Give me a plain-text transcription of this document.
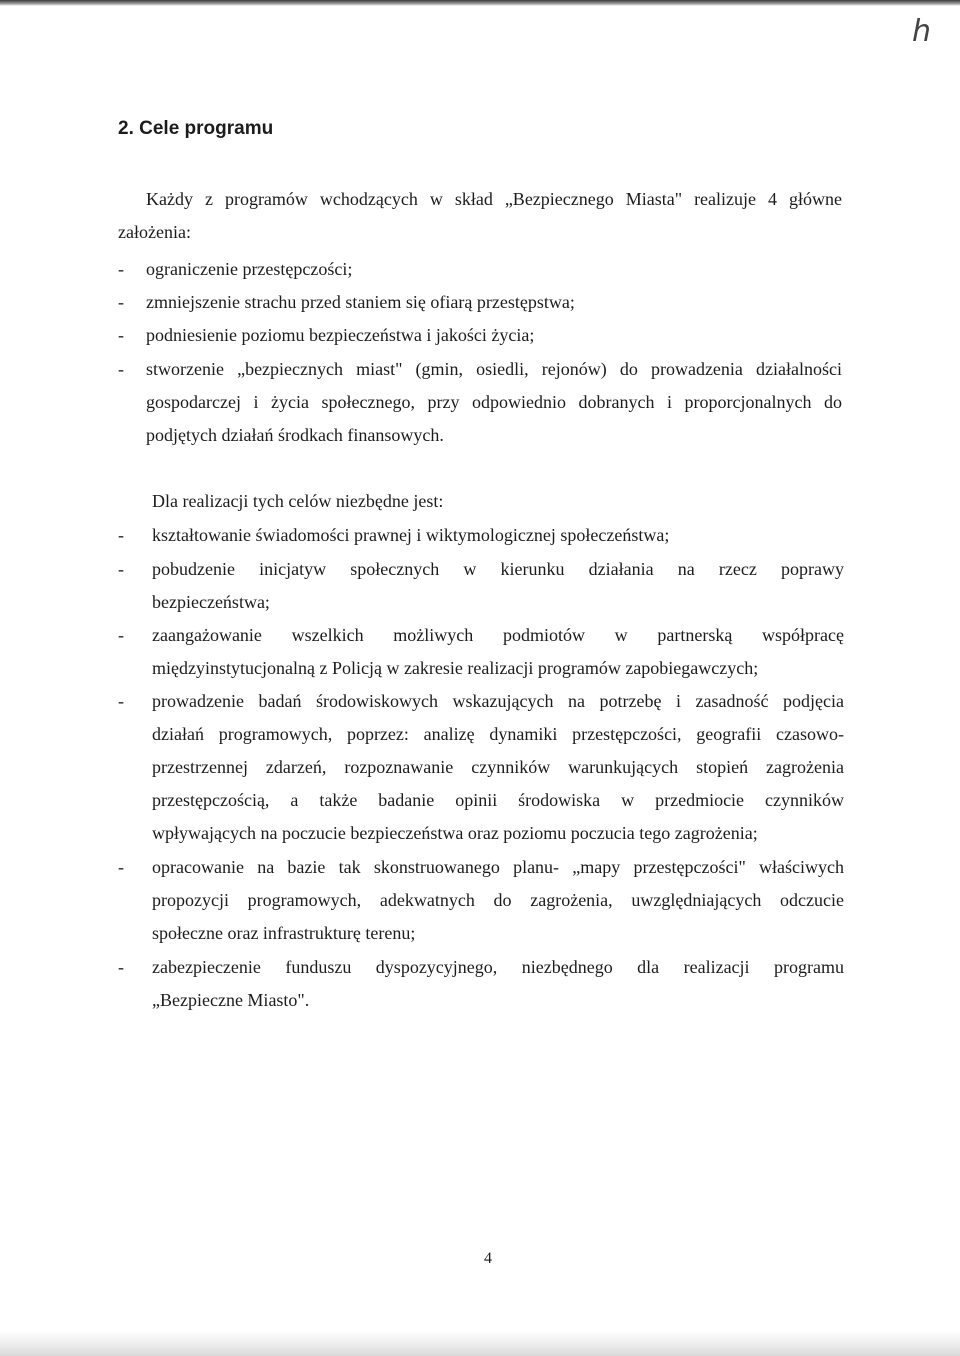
h
2. Cele programu
Każdy z programów wchodzących w skład „Bezpiecznego Miasta" realizuje 4 główne
założenia:
- ograniczenie przestępczości;
- zmniejszenie strachu przed staniem się ofiarą przestępstwa;
- podniesienie poziomu bezpieczeństwa i jakości życia;
- stworzenie „bezpiecznych miast" (gmin, osiedli, rejonów) do prowadzenia działalności
gospodarczej i życia społecznego, przy odpowiednio dobranych i proporcjonalnych do
podjętych działań środkach finansowych.
Dla realizacji tych celów niezbędne jest:
- kształtowanie świadomości prawnej i wiktymologicznej społeczeństwa;
- pobudzenie inicjatyw społecznych w kierunku działania na rzecz poprawy
bezpieczeństwa;
- zaangażowanie wszelkich możliwych podmiotów w partnerską współpracę
międzyinstytucjonalną z Policją w zakresie realizacji programów zapobiegawczych;
- prowadzenie badań środowiskowych wskazujących na potrzebę i zasadność podjęcia
działań programowych, poprzez: analizę dynamiki przestępczości, geografii czasowo-
przestrzennej zdarzeń, rozpoznawanie czynników warunkujących stopień zagrożenia
przestępczością, a także badanie opinii środowiska w przedmiocie czynników
wpływających na poczucie bezpieczeństwa oraz poziomu poczucia tego zagrożenia;
- opracowanie na bazie tak skonstruowanego planu- „mapy przestępczości" właściwych
propozycji programowych, adekwatnych do zagrożenia, uwzględniających odczucie
społeczne oraz infrastrukturę terenu;
- zabezpieczenie funduszu dyspozycyjnego, niezbędnego dla realizacji programu
„Bezpieczne Miasto".
4
